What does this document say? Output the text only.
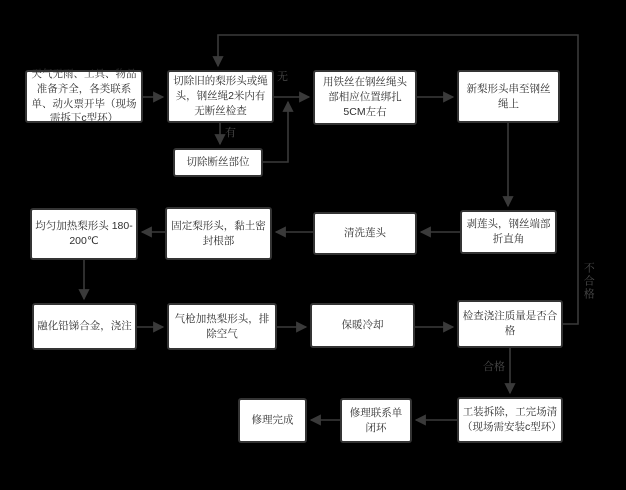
天气无雨、工具、物品准备齐全，各类联系单、动火票开毕（现场需拆下c型环）
切除旧的梨形头或绳头，钢丝绳2米内有无断丝检查
切除断丝部位
用铁丝在钢丝绳头部相应位置绑扎5CM左右
新梨形头串至钢丝绳上
剥莲头，钢丝端部折直角
清洗莲头
固定梨形头，黏土密封根部
均匀加热梨形头 180-200℃
融化铅锑合金，浇注
气枪加热梨形头，排除空气
保暖冷却
检查浇注质量是否合格
工装拆除，工完场清（现场需安装c型环）
修理联系单闭环
修理完成
无
有
合格
不合格
